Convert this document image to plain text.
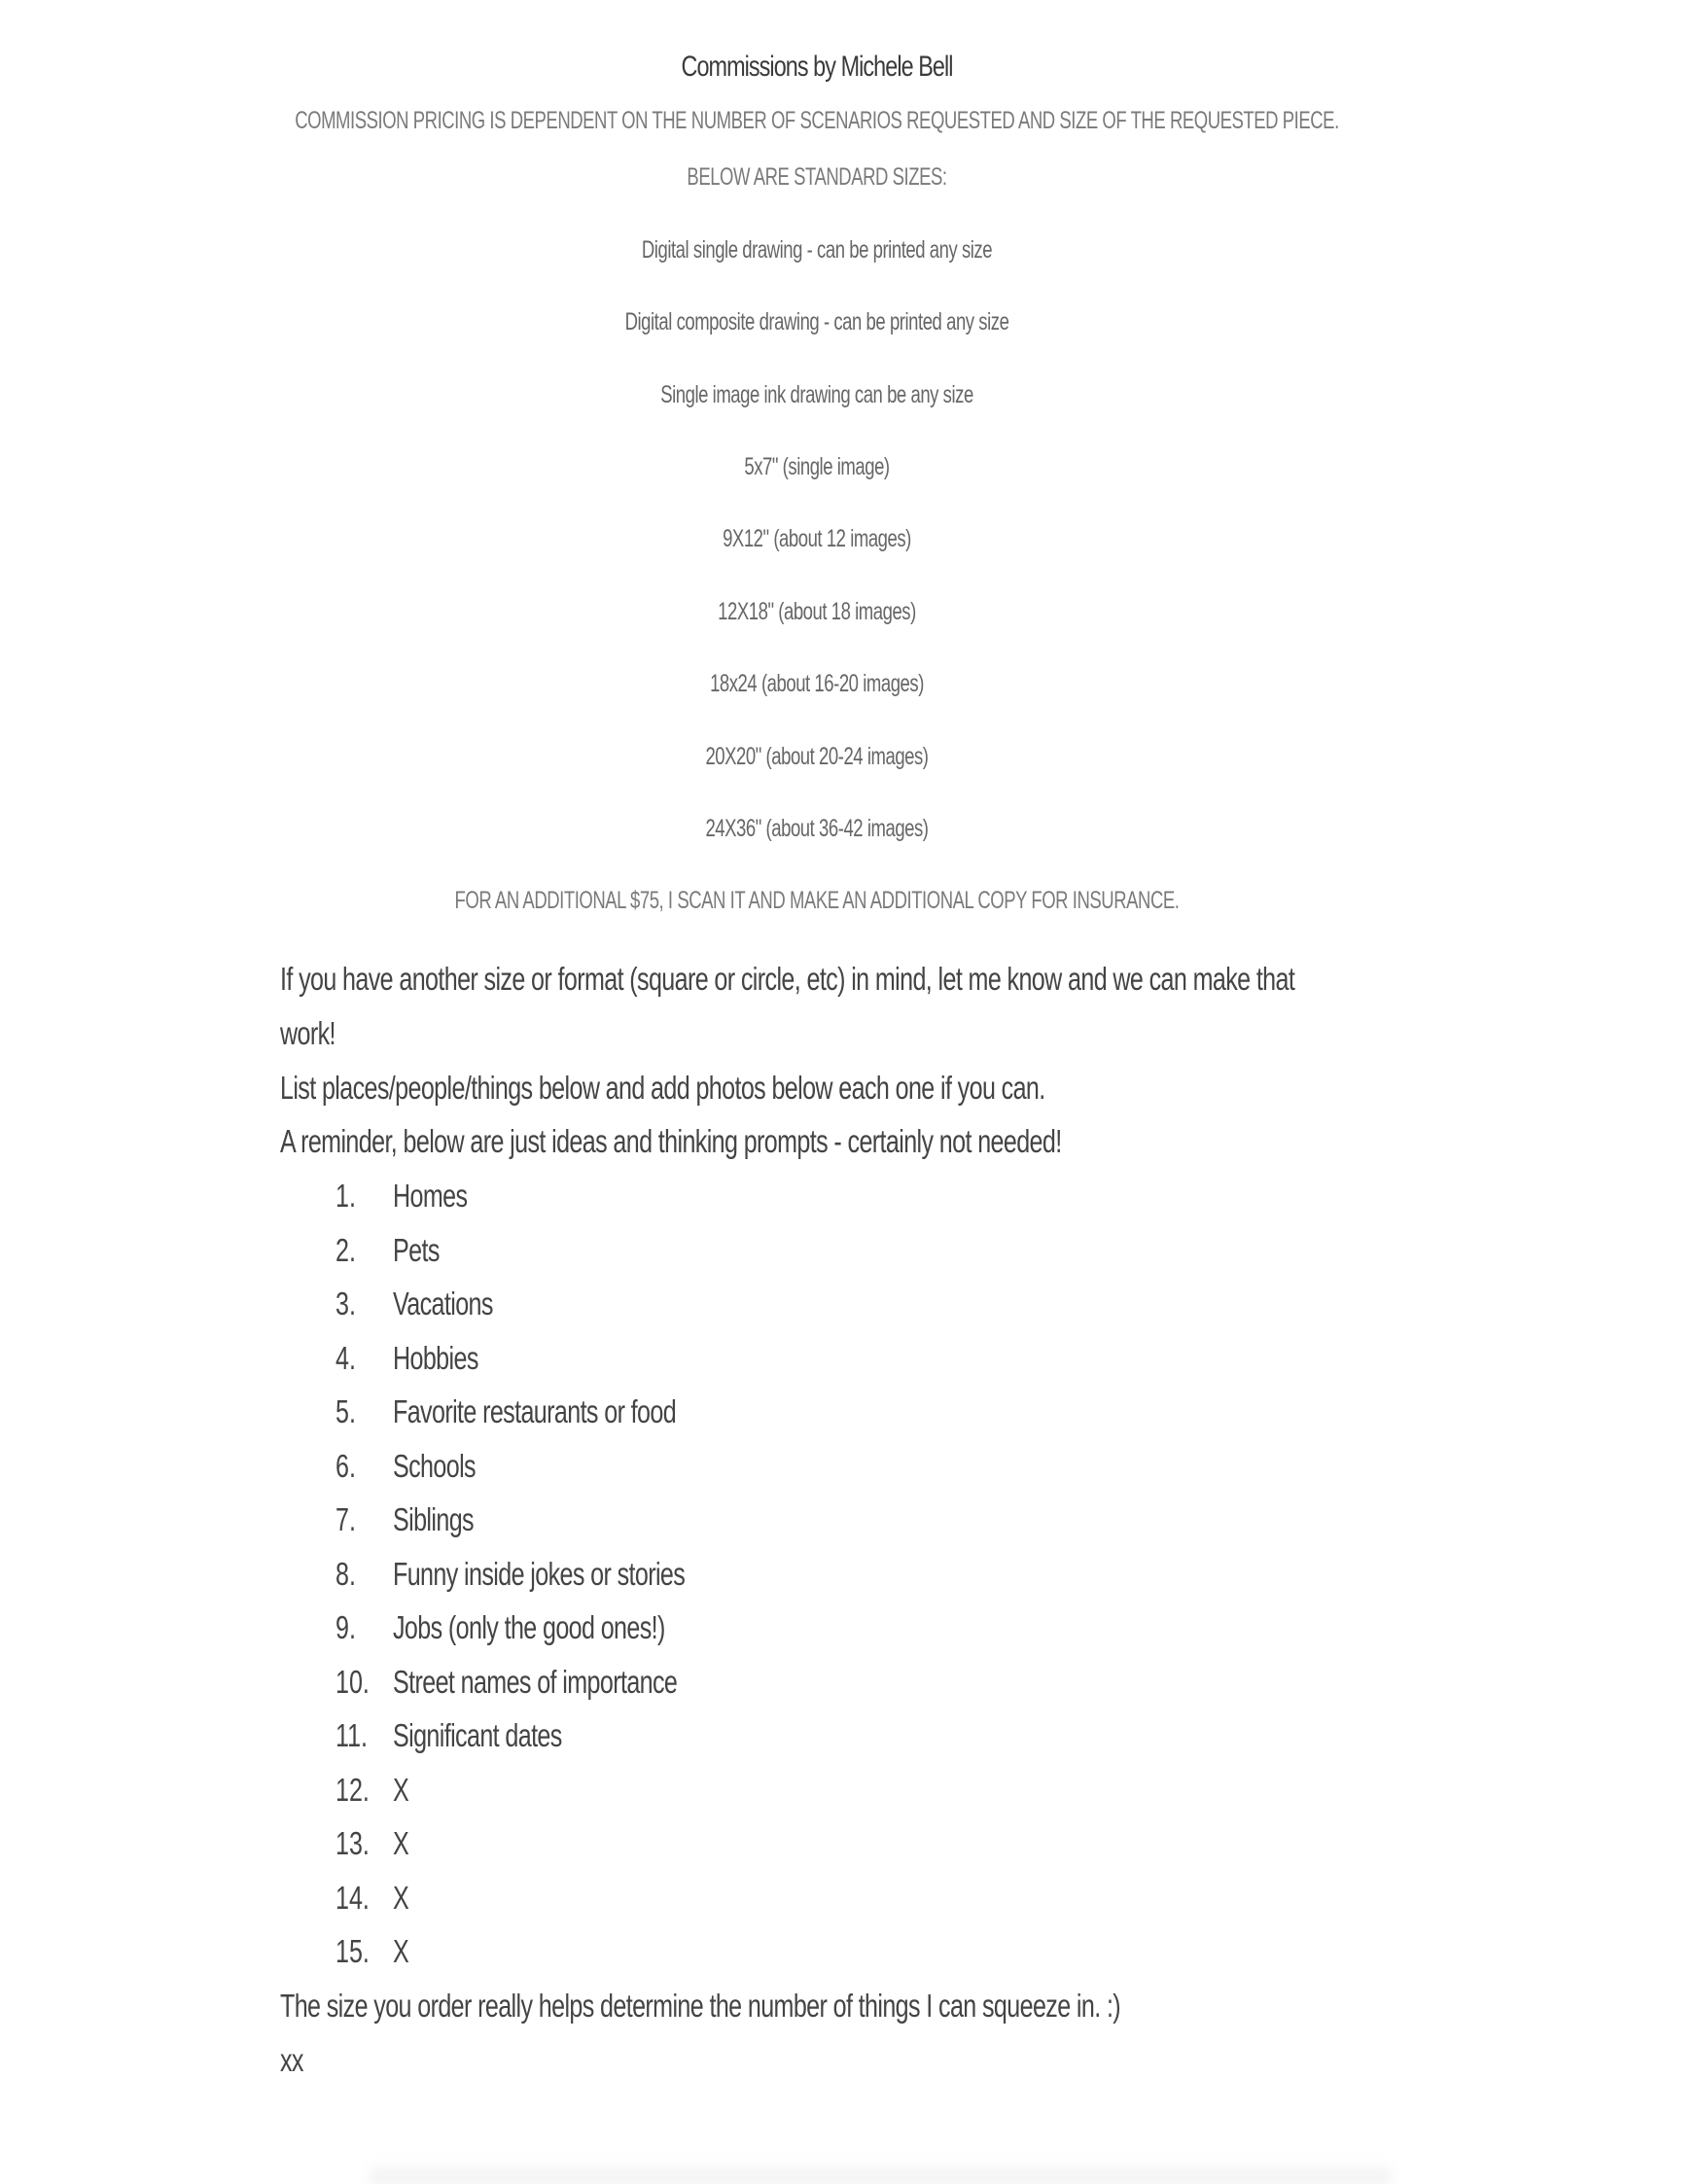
Commissions by Michele Bell
COMMISSION PRICING IS DEPENDENT ON THE NUMBER OF SCENARIOS REQUESTED AND SIZE OF THE REQUESTED PIECE.
BELOW ARE STANDARD SIZES:
Digital single drawing - can be printed any size
Digital composite drawing - can be printed any size
Single image ink drawing can be any size
5x7" (single image)
9X12" (about 12 images)
12X18" (about 18 images)
18x24 (about 16-20 images)
20X20" (about 20-24 images)
24X36" (about 36-42 images)
FOR AN ADDITIONAL $75, I SCAN IT AND MAKE AN ADDITIONAL COPY FOR INSURANCE.
If you have another size or format (square or circle, etc) in mind, let me know and we can make that
work!
List places/people/things below and add photos below each one if you can.
A reminder, below are just ideas and thinking prompts - certainly not needed!
1. Homes
2. Pets
3. Vacations
4. Hobbies
5. Favorite restaurants or food
6. Schools
7. Siblings
8. Funny inside jokes or stories
9. Jobs (only the good ones!)
10. Street names of importance
11. Significant dates
12. X
13. X
14. X
15. X
The size you order really helps determine the number of things I can squeeze in. :)
xx
